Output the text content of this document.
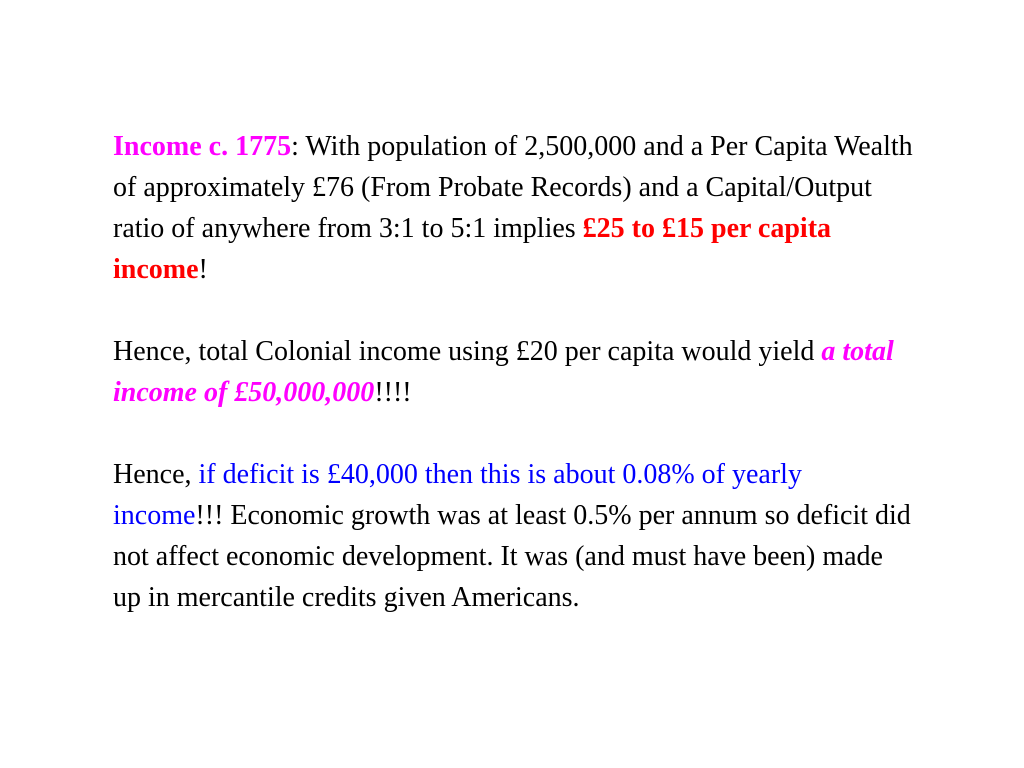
Income c. 1775: With population of 2,500,000 and a Per Capita Wealth of approximately £76 (From Probate Records) and a Capital/Output ratio of anywhere from 3:1 to 5:1 implies £25 to £15 per capita income!

Hence, total Colonial income using £20 per capita would yield a total income of £50,000,000!!!!

Hence, if deficit is £40,000 then this is about 0.08% of yearly income!!! Economic growth was at least 0.5% per annum so deficit did not affect economic development. It was (and must have been) made up in mercantile credits given Americans.
